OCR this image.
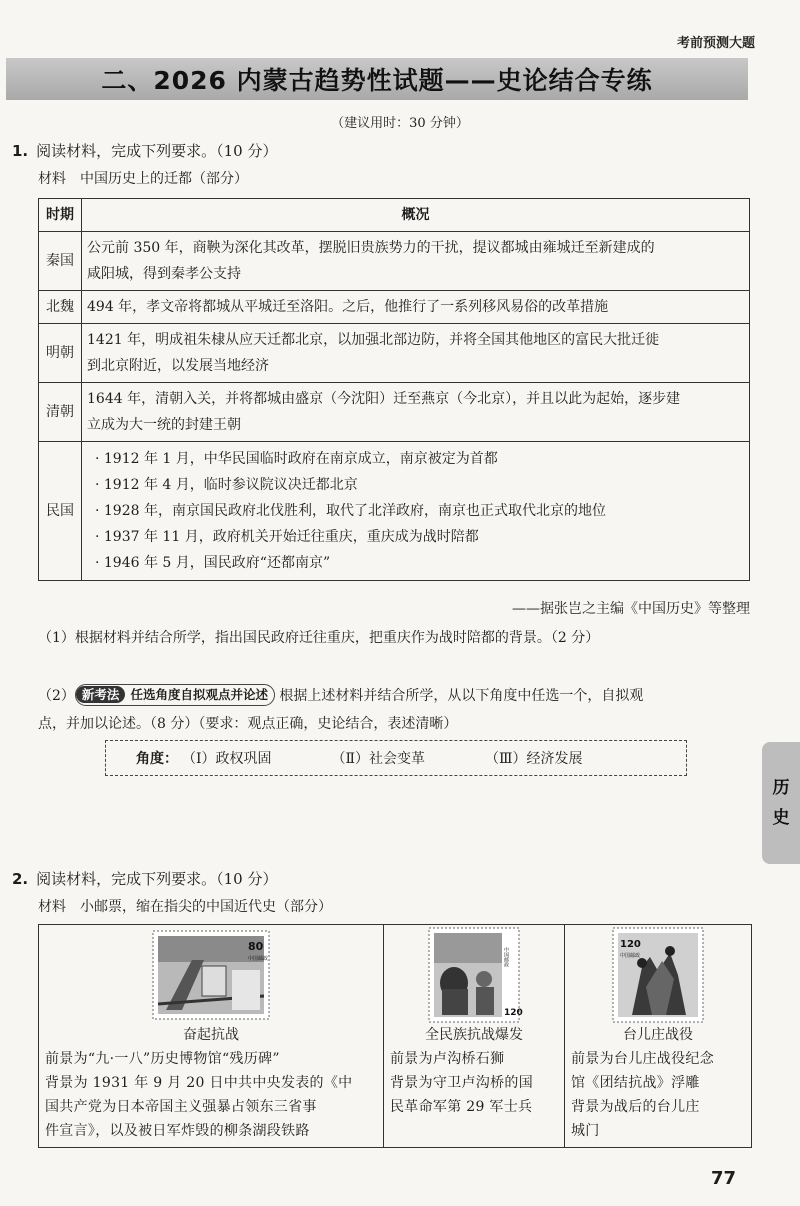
考前预测大题
二、2026 内蒙古趋势性试题——史论结合专练
（建议用时：30 分钟）
1. 阅读材料，完成下列要求。（10 分）
材料 中国历史上的迁都（部分）
时期	概况
秦国	公元前 350 年，商鞅为深化其改革，摆脱旧贵族势力的干扰，提议都城由雍城迁至新建成的
咸阳城，得到秦孝公支持

北魏	494 年，孝文帝将都城从平城迁至洛阳。之后，他推行了一系列移风易俗的改革措施

明朝	1421 年，明成祖朱棣从应天迁都北京，以加强北部边防，并将全国其他地区的富民大批迁徙
到北京附近，以发展当地经济

清朝	1644 年，清朝入关，并将都城由盛京（今沈阳）迁至燕京（今北京），并且以此为起始，逐步建
立成为大一统的封建王朝

民国	· 1912 年 1 月，中华民国临时政府在南京成立，南京被定为首都
· 1912 年 4 月，临时参议院议决迁都北京
· 1928 年，南京国民政府北伐胜利，取代了北洋政府，南京也正式取代北京的地位
· 1937 年 11 月，政府机关开始迁往重庆，重庆成为战时陪都
· 1946 年 5 月，国民政府“还都南京”
——据张岂之主编《中国历史》等整理
（1）根据材料并结合所学，指出国民政府迁往重庆，把重庆作为战时陪都的背景。（2 分）
（2） 新考法 任选角度自拟观点并论述 根据上述材料并结合所学，从以下角度中任选一个，自拟观
点，并加以论述。（8 分）（要求：观点正确，史论结合，表述清晰）
角度： （Ⅰ）政权巩固	（Ⅱ）社会变革	（Ⅲ）经济发展
历
史
2. 阅读材料，完成下列要求。（10 分）
材料 小邮票，缩在指尖的中国近代史（部分）
80
中国邮政
奋起抗战
前景为“九·一八”历史博物馆“残历碑”
背景为 1931 年 9 月 20 日中共中央发表的《中
国共产党为日本帝国主义强暴占领东三省事
件宣言》，以及被日军炸毁的柳条湖段铁路

120
中国邮政
全民族抗战爆发
前景为卢沟桥石狮
背景为守卫卢沟桥的国
民革命军第 29 军士兵

120
中国邮政
台儿庄战役
前景为台儿庄战役纪念
馆《团结抗战》浮雕
背景为战后的台儿庄
城门
77
